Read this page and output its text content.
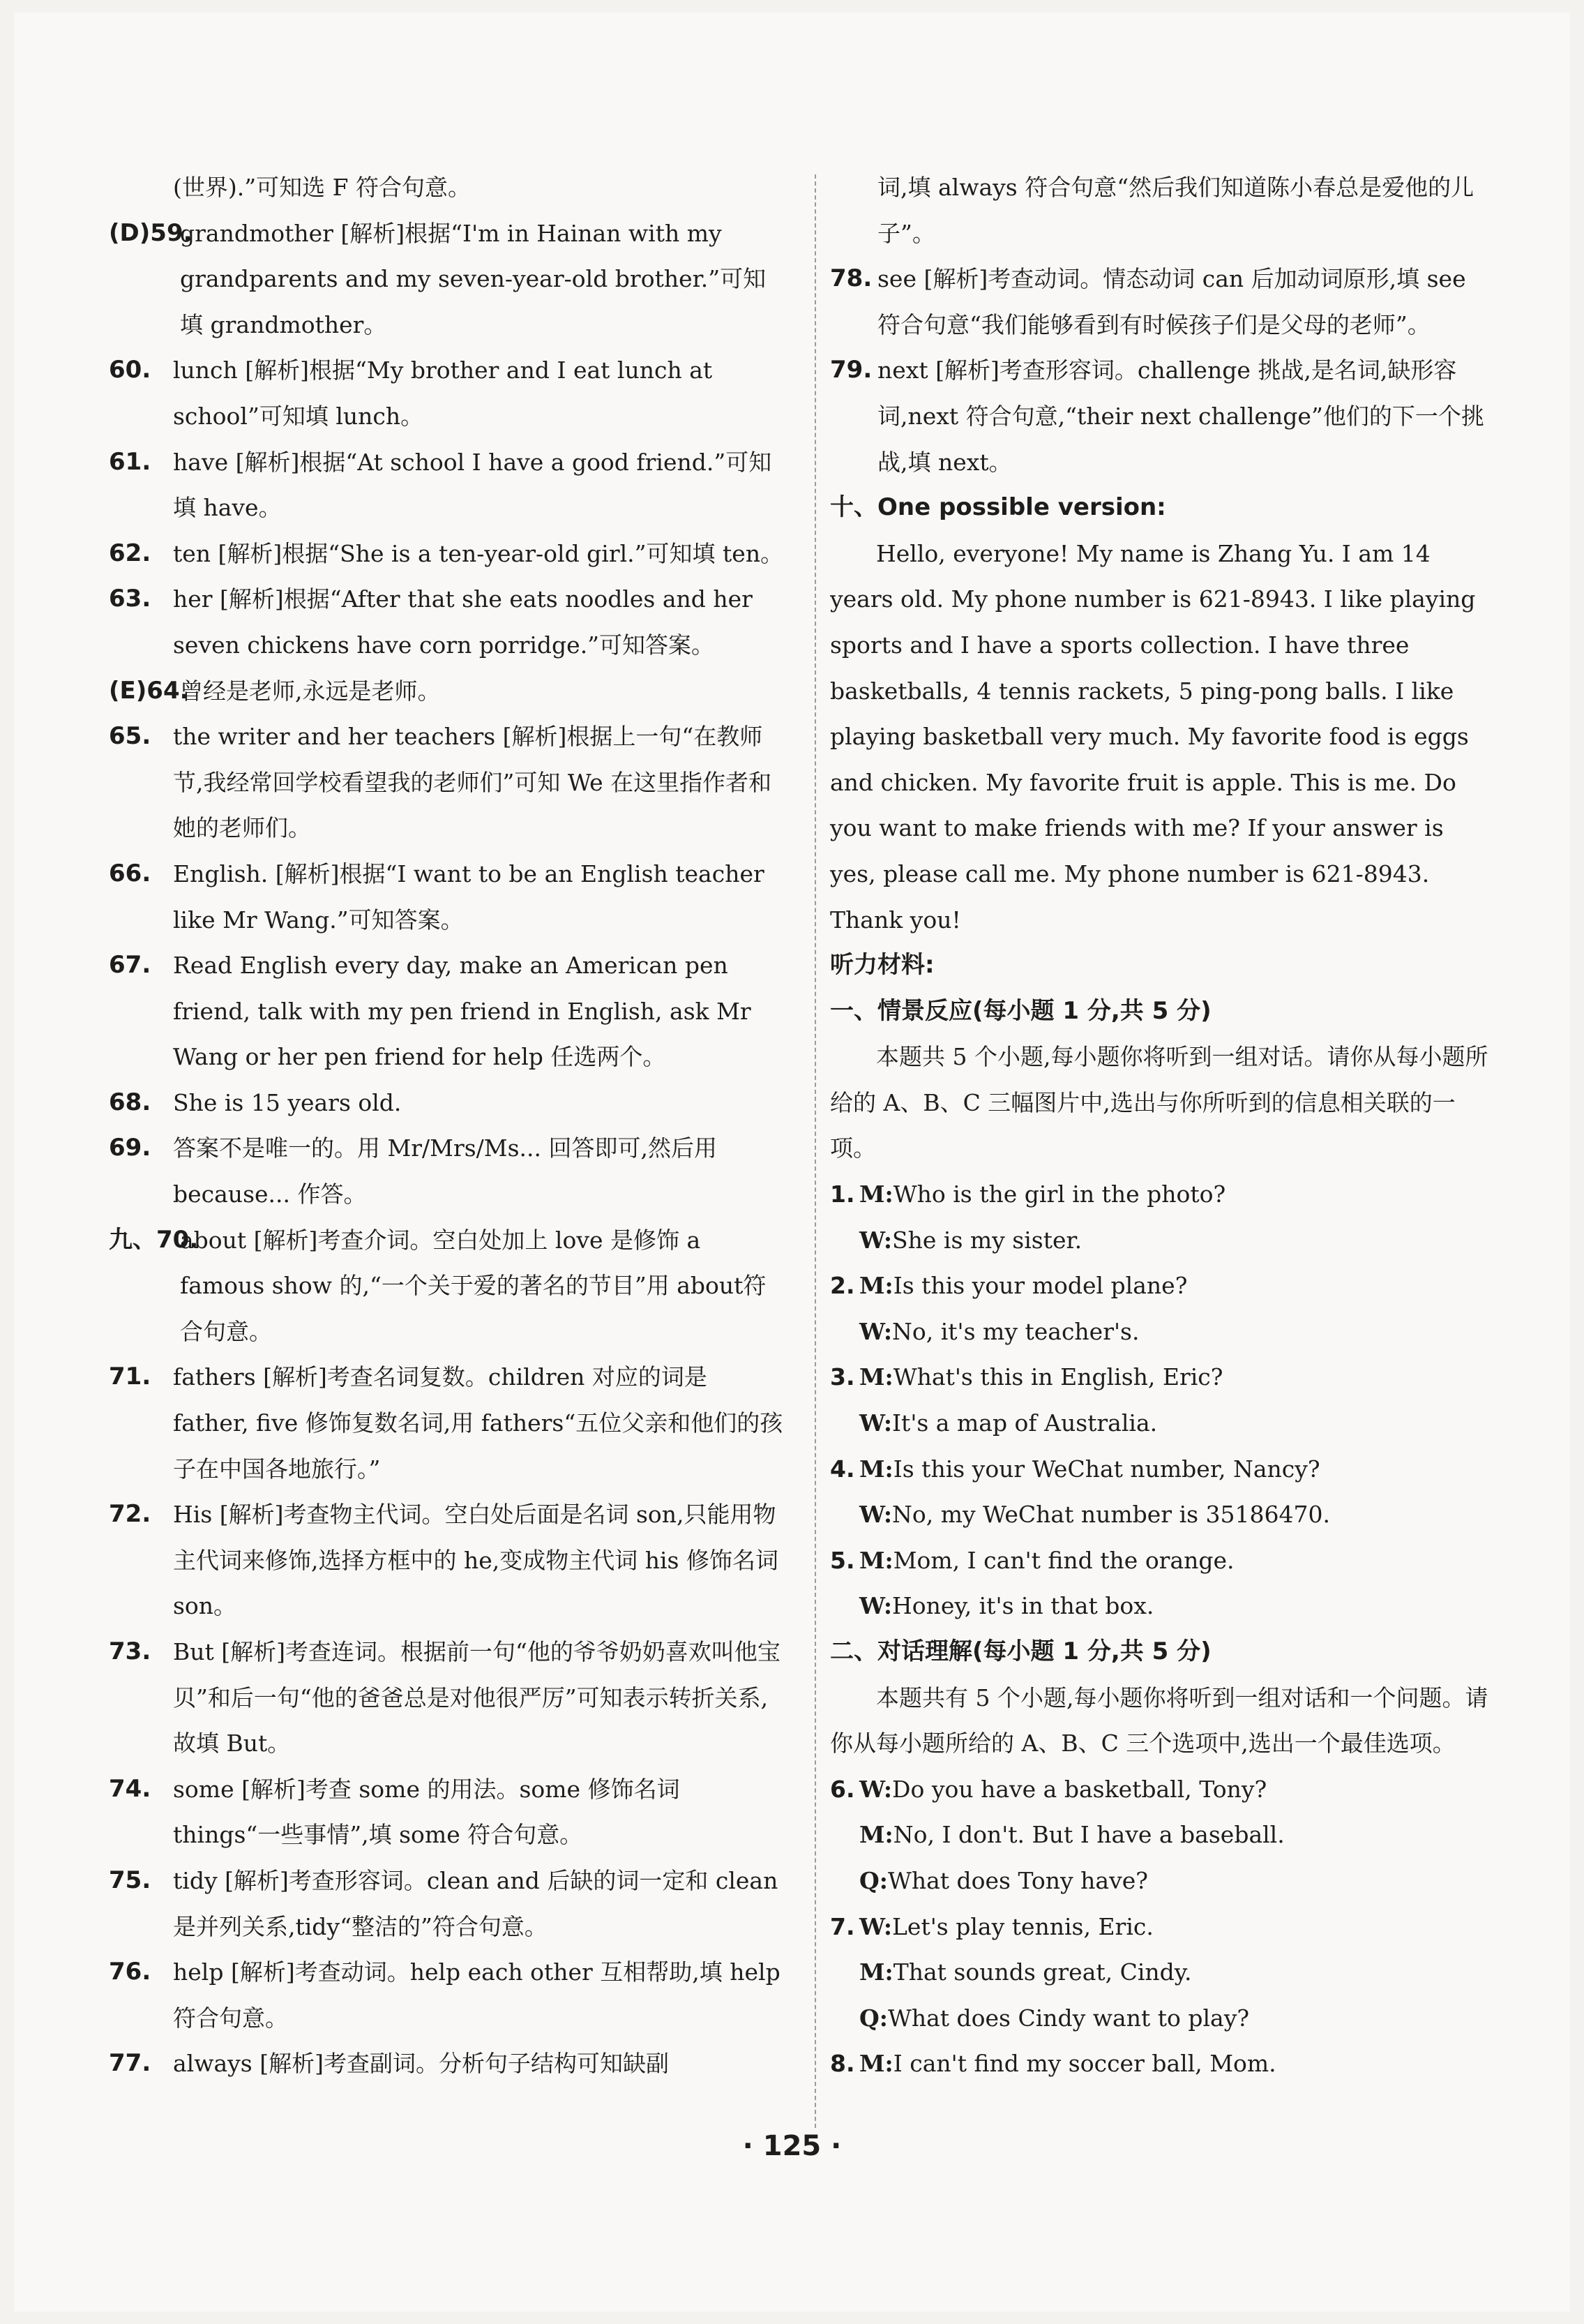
(世界).”可知选 F 符合句意。
(D)59.
grandmother [解析]根据“I'm in Hainan with my grandparents and my seven-year-old brother.”可知填 grandmother。
60. lunch [解析]根据“My brother and I eat lunch at school”可知填 lunch。
61. have [解析]根据“At school I have a good friend.”可知填 have。
62. ten [解析]根据“She is a ten-year-old girl.”可知填 ten。
63. her [解析]根据“After that she eats noodles and her seven chickens have corn porridge.”可知答案。
(E)64.
曾经是老师,永远是老师。
65. the writer and her teachers [解析]根据上一句“在教师节,我经常回学校看望我的老师们”可知 We 在这里指作者和她的老师们。
66. English. [解析]根据“I want to be an English teacher like Mr Wang.”可知答案。
67. Read English every day, make an American pen friend, talk with my pen friend in English, ask Mr Wang or her pen friend for help 任选两个。
68. She is 15 years old.
69. 答案不是唯一的。用 Mr/Mrs/Ms... 回答即可,然后用 because... 作答。
九、70.
about [解析]考查介词。空白处加上 love 是修饰 a famous show 的,“一个关于爱的著名的节目”用 about符合句意。
71. fathers [解析]考查名词复数。children 对应的词是 father, five 修饰复数名词,用 fathers“五位父亲和他们的孩子在中国各地旅行。”
72. His [解析]考查物主代词。空白处后面是名词 son,只能用物主代词来修饰,选择方框中的 he,变成物主代词 his 修饰名词 son。
73. But [解析]考查连词。根据前一句“他的爷爷奶奶喜欢叫他宝贝”和后一句“他的爸爸总是对他很严厉”可知表示转折关系,故填 But。
74. some [解析]考查 some 的用法。some 修饰名词 things“一些事情”,填 some 符合句意。
75. tidy [解析]考查形容词。clean and 后缺的词一定和 clean 是并列关系,tidy“整洁的”符合句意。
76. help [解析]考查动词。help each other 互相帮助,填 help 符合句意。
77. always [解析]考查副词。分析句子结构可知缺副
词,填 always 符合句意“然后我们知道陈小春总是爱他的儿子”。
78. see [解析]考查动词。情态动词 can 后加动词原形,填 see 符合句意“我们能够看到有时候孩子们是父母的老师”。
79. next [解析]考查形容词。challenge 挑战,是名词,缺形容词,next 符合句意,“their next challenge”他们的下一个挑战,填 next。
十、One possible version:
Hello, everyone! My name is Zhang Yu. I am 14 years old. My phone number is 621-8943. I like playing sports and I have a sports collection. I have three basketballs, 4 tennis rackets, 5 ping-pong balls. I like playing basketball very much. My favorite food is eggs and chicken. My favorite fruit is apple. This is me. Do you want to make friends with me? If your answer is yes, please call me. My phone number is 621-8943. Thank you!
听力材料:
一、情景反应(每小题 1 分,共 5 分)
本题共 5 个小题,每小题你将听到一组对话。请你从每小题所给的 A、B、C 三幅图片中,选出与你所听到的信息相关联的一项。
1. M:Who is the girl in the photo?
W:She is my sister.
2. M:Is this your model plane?
W:No, it's my teacher's.
3. M:What's this in English, Eric?
W:It's a map of Australia.
4. M:Is this your WeChat number, Nancy?
W:No, my WeChat number is 35186470.
5. M:Mom, I can't find the orange.
W:Honey, it's in that box.
二、对话理解(每小题 1 分,共 5 分)
本题共有 5 个小题,每小题你将听到一组对话和一个问题。请你从每小题所给的 A、B、C 三个选项中,选出一个最佳选项。
6. W:Do you have a basketball, Tony?
M:No, I don't. But I have a baseball.
Q:What does Tony have?
7. W:Let's play tennis, Eric.
M:That sounds great, Cindy.
Q:What does Cindy want to play?
8. M:I can't find my soccer ball, Mom.
· 125 ·
